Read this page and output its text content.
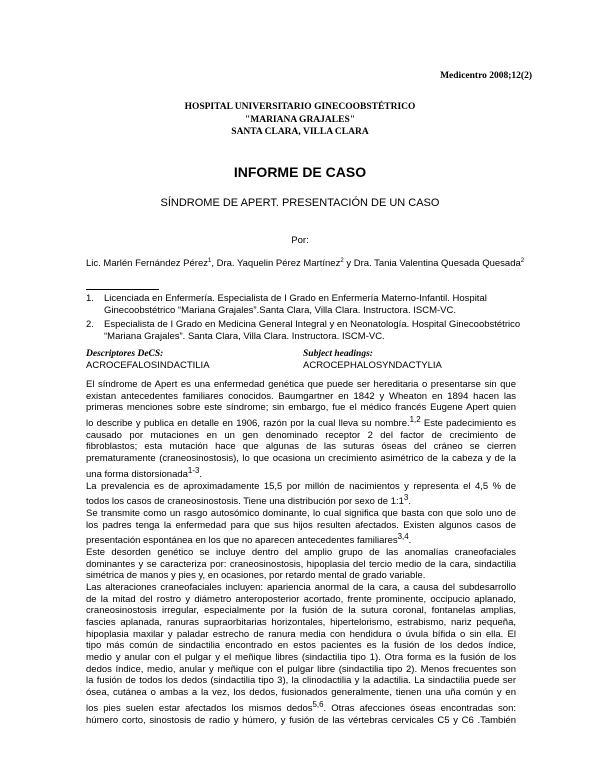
Medicentro 2008;12(2)
HOSPITAL UNIVERSITARIO GINECOOBSTÉTRICO
"MARIANA GRAJALES"
SANTA CLARA, VILLA CLARA
INFORME DE CASO
SÍNDROME DE APERT. PRESENTACIÓN DE UN CASO
Por:
Lic. Marlén Fernández Pérez$^1$, Dra. Yaquelin Pérez Martínez$^2$ y Dra. Tania Valentina Quesada Quesada$^2$
1.	Licenciada en Enfermería. Especialista de I Grado en Enfermería Materno-Infantil. Hospital Ginecoobstétrico “Mariana Grajales”.Santa Clara, Villa Clara. Instructora. ISCM-VC.
2.	Especialista de I Grado en Medicina General Integral y en Neonatología. Hospital Ginecoobstétrico “Mariana Grajales”. Santa Clara, Villa Clara. Instructora. ISCM-VC.
Descriptores DeCS:
ACROCEFALOSINDACTILIA
Subject headings:
ACROCEPHALOSYNDACTYLIA
El síndrome de Apert es una enfermedad genética que puede ser hereditaria o presentarse sin que
existan antecedentes familiares conocidos. Baumgartner en 1842 y Wheaton en 1894 hacen las
primeras menciones sobre este síndrome; sin embargo, fue el médico francés Eugene Apert quien
lo describe y publica en detalle en 1906, razón por la cual lleva su nombre.$^{1,2}$ Este padecimiento es
causado por mutaciones en un gen denominado receptor 2 del factor de crecimiento de
fibroblastos; esta mutación hace que algunas de las suturas óseas del cráneo se cierren
prematuramente (craneosinostosis), lo que ocasiona un crecimiento asimétrico de la cabeza y de la
una forma distorsionada$^{1-3}$.
La prevalencia es de aproximadamente 15,5 por millón de nacimientos y representa el 4,5 % de
todos los casos de craneosinostosis. Tiene una distribución por sexo de $1:1^3$.
Se transmite como un rasgo autosómico dominante, lo cual significa que basta con que solo uno de
los padres tenga la enfermedad para que sus hijos resulten afectados. Existen algunos casos de
presentación espontánea en los que no aparecen antecedentes familiares$^{3,4}$.
Este desorden genético se incluye dentro del amplio grupo de las anomalías craneofaciales
dominantes y se caracteriza por: craneosinostosis, hipoplasia del tercio medio de la cara, sindactilia
simétrica de manos y pies y, en ocasiones, por retardo mental de grado variable.
Las alteraciones craneofaciales incluyen: apariencia anormal de la cara, a causa del subdesarrollo
de la mitad del rostro y diámetro anteroposterior acortado, frente prominente, occipucio aplanado,
craneosinostosis irregular, especialmente por la fusión de la sutura coronal, fontanelas amplias,
fascies aplanada, ranuras supraorbitarias horizontales, hipertelorismo, estrabismo, nariz pequeña,
hipoplasia maxilar y paladar estrecho de ranura media con hendidura o úvula bífida o sin ella. El
tipo más común de sindactilia encontrado en estos pacientes es la fusión de los dedos índice,
medio y anular con el pulgar y el meñique libres (sindactilia tipo 1). Otra forma es la fusión de los
dedos índice, medio, anular y meñique con el pulgar libre (sindactilia tipo 2). Menos frecuentes son
la fusión de todos los dedos (sindactilia tipo 3), la clinodactilia y la adactilia. La sindactilia puede ser
ósea, cutánea o ambas a la vez, los dedos, fusionados generalmente, tienen una uña común y en
los pies suelen estar afectados los mismos dedos$^{5,6}$. Otras afecciones óseas encontradas son:
húmero corto, sinostosis de radio y húmero, y fusión de las vértebras cervicales C5 y C6 .También
